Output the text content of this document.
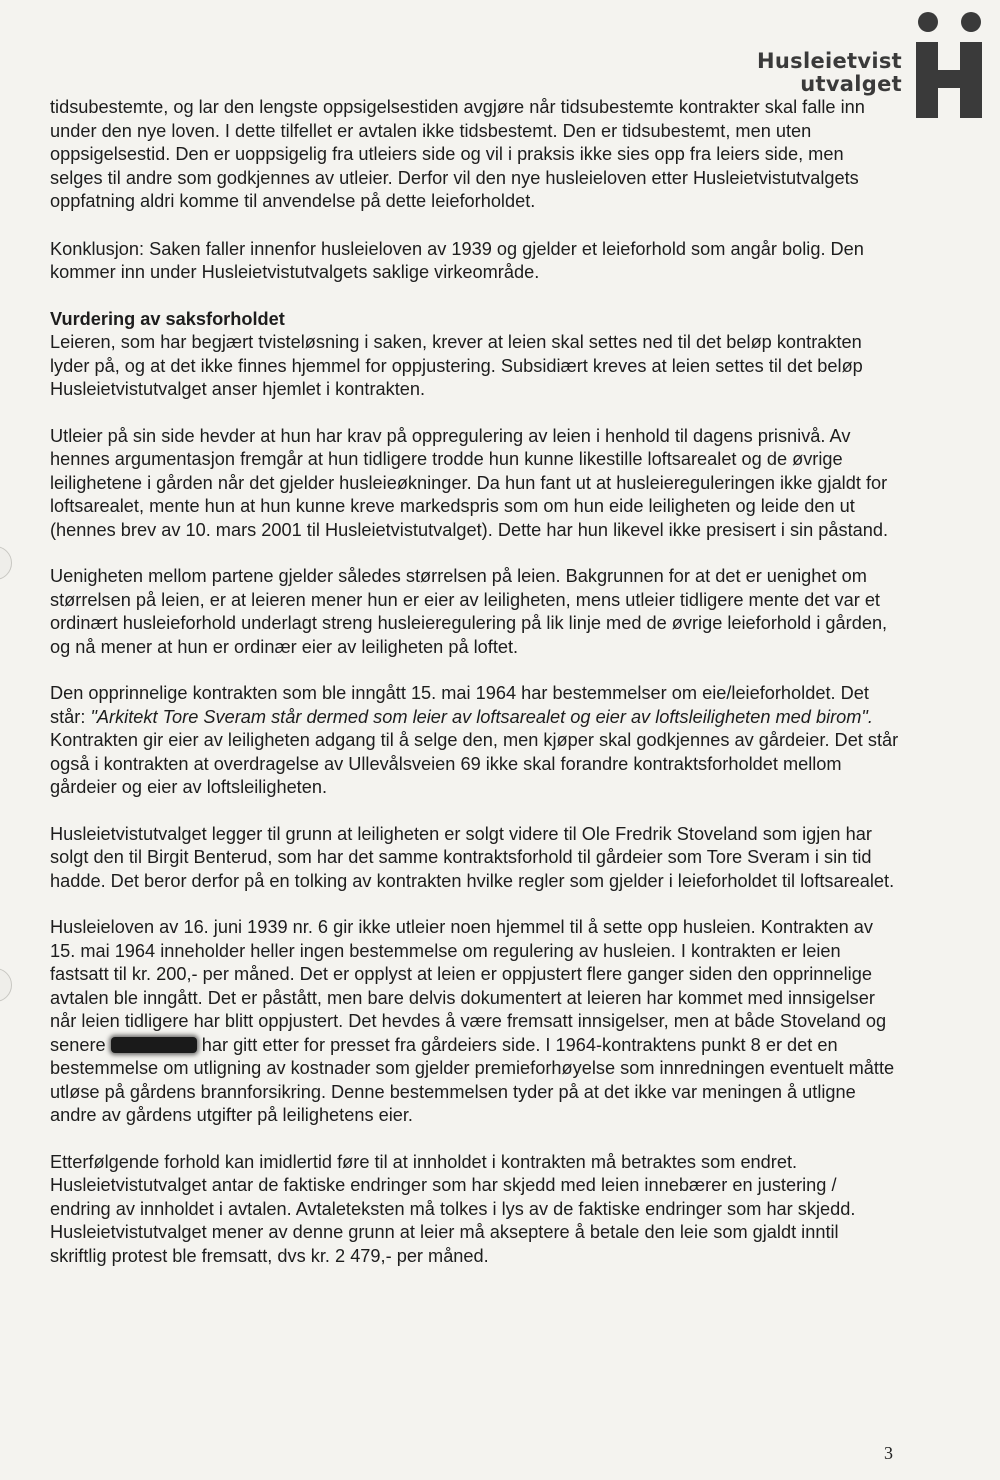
Husleietvist
utvalget

tidsubestemte, og lar den lengste oppsigelsestiden avgjøre når tidsubestemte kontrakter skal falle inn under den nye loven. I dette tilfellet er avtalen ikke tidsbestemt. Den er tidsubestemt, men uten oppsigelsestid. Den er uoppsigelig fra utleiers side og vil i praksis ikke sies opp fra leiers side, men selges til andre som godkjennes av utleier. Derfor vil den nye husleieloven etter Husleietvistutvalgets oppfatning aldri komme til anvendelse på dette leieforholdet.

Konklusjon: Saken faller innenfor husleieloven av 1939 og gjelder et leieforhold som angår bolig. Den kommer inn under Husleietvistutvalgets saklige virkeområde.

Vurdering av saksforholdet

Leieren, som har begjært tvisteløsning i saken, krever at leien skal settes ned til det beløp kontrakten lyder på, og at det ikke finnes hjemmel for oppjustering. Subsidiært kreves at leien settes til det beløp Husleietvistutvalget anser hjemlet i kontrakten.

Utleier på sin side hevder at hun har krav på oppregulering av leien i henhold til dagens prisnivå. Av hennes argumentasjon fremgår at hun tidligere trodde hun kunne likestille loftsarealet og de øvrige leilighetene i gården når det gjelder husleieøkninger. Da hun fant ut at husleiereguleringen ikke gjaldt for loftsarealet, mente hun at hun kunne kreve markedspris som om hun eide leiligheten og leide den ut (hennes brev av 10. mars 2001 til Husleietvistutvalget). Dette har hun likevel ikke presisert i sin påstand.

Uenigheten mellom partene gjelder således størrelsen på leien. Bakgrunnen for at det er uenighet om størrelsen på leien, er at leieren mener hun er eier av leiligheten, mens utleier tidligere mente det var et ordinært husleieforhold underlagt streng husleieregulering på lik linje med de øvrige leieforhold i gården, og nå mener at hun er ordinær eier av leiligheten på loftet.

Den opprinnelige kontrakten som ble inngått 15. mai 1964 har bestemmelser om eie/leieforholdet. Det står: "Arkitekt Tore Sveram står dermed som leier av loftsarealet og eier av loftsleiligheten med birom". Kontrakten gir eier av leiligheten adgang til å selge den, men kjøper skal godkjennes av gårdeier. Det står også i kontrakten at overdragelse av Ullevålsveien 69 ikke skal forandre kontraktsforholdet mellom gårdeier og eier av loftsleiligheten.

Husleietvistutvalget legger til grunn at leiligheten er solgt videre til Ole Fredrik Stoveland som igjen har solgt den til Birgit Benterud, som har det samme kontraktsforhold til gårdeier som Tore Sveram i sin tid hadde. Det beror derfor på en tolking av kontrakten hvilke regler som gjelder i leieforholdet til loftsarealet.

Husleieloven av 16. juni 1939 nr. 6 gir ikke utleier noen hjemmel til å sette opp husleien. Kontrakten av 15. mai 1964 inneholder heller ingen bestemmelse om regulering av husleien. I kontrakten er leien fastsatt til kr. 200,- per måned. Det er opplyst at leien er oppjustert flere ganger siden den opprinnelige avtalen ble inngått. Det er påstått, men bare delvis dokumentert at leieren har kommet med innsigelser når leien tidligere har blitt oppjustert. Det hevdes å være fremsatt innsigelser, men at både Stoveland og senere	har gitt etter for presset fra gårdeiers side. I 1964-kontraktens punkt 8 er det en bestemmelse om utligning av kostnader som gjelder premieforhøyelse som innredningen eventuelt måtte utløse på gårdens brannforsikring. Denne bestemmelsen tyder på at det ikke var meningen å utligne andre av gårdens utgifter på leilighetens eier.

Etterfølgende forhold kan imidlertid føre til at innholdet i kontrakten må betraktes som endret. Husleietvistutvalget antar de faktiske endringer som har skjedd med leien innebærer en justering / endring av innholdet i avtalen. Avtaleteksten må tolkes i lys av de faktiske endringer som har skjedd. Husleietvistutvalget mener av denne grunn at leier må akseptere å betale den leie som gjaldt inntil skriftlig protest ble fremsatt, dvs kr. 2 479,- per måned.

3
